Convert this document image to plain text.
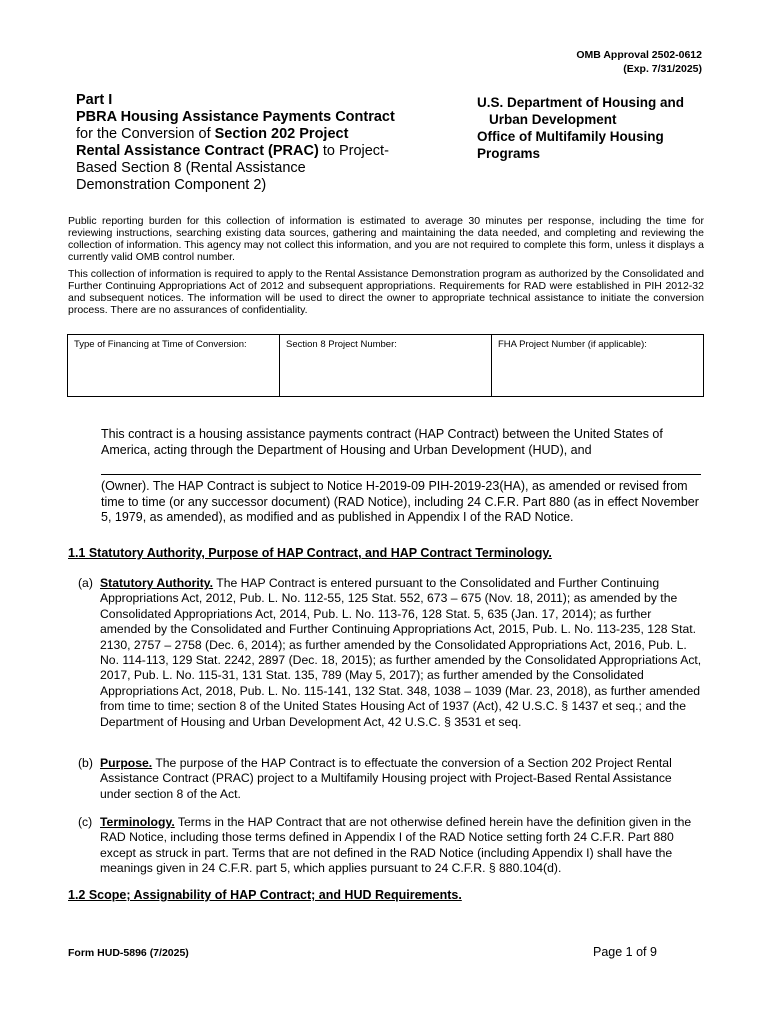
OMB Approval 2502-0612
(Exp. 7/31/2025)
Part I
PBRA Housing Assistance Payments Contract
for the Conversion of Section 202 Project
Rental Assistance Contract (PRAC) to Project-
Based Section 8 (Rental Assistance
Demonstration Component 2)
U.S. Department of Housing and
Urban Development
Office of Multifamily Housing
Programs

Public reporting burden for this collection of information is estimated to average 30 minutes per response, including the time for reviewing instructions, searching existing data sources, gathering and maintaining the data needed, and completing and reviewing the collection of information. This agency may not collect this information, and you are not required to complete this form, unless it displays a currently valid OMB control number.

This collection of information is required to apply to the Rental Assistance Demonstration program as authorized by the Consolidated and Further Continuing Appropriations Act of 2012 and subsequent appropriations. Requirements for RAD were established in PIH 2012-32 and subsequent notices. The information will be used to direct the owner to appropriate technical assistance to initiate the conversion process. There are no assurances of confidentiality.

Type of Financing at Time of Conversion:	Section 8 Project Number:	FHA Project Number (if applicable):
This contract is a housing assistance payments contract (HAP Contract) between the United States of America, acting through the Department of Housing and Urban Development (HUD), and
(Owner). The HAP Contract is subject to Notice H-2019-09 PIH-2019-23(HA), as amended or revised from time to time (or any successor document) (RAD Notice), including 24 C.F.R. Part 880 (as in effect November 5, 1979, as amended), as modified and as published in Appendix I of the RAD Notice.
1.1 Statutory Authority, Purpose of HAP Contract, and HAP Contract Terminology.
(a) Statutory Authority. The HAP Contract is entered pursuant to the Consolidated and Further Continuing Appropriations Act, 2012, Pub. L. No. 112-55, 125 Stat. 552, 673 – 675 (Nov. 18, 2011); as amended by the Consolidated Appropriations Act, 2014, Pub. L. No. 113-76, 128 Stat. 5, 635 (Jan. 17, 2014); as further amended by the Consolidated and Further Continuing Appropriations Act, 2015, Pub. L. No. 113-235, 128 Stat. 2130, 2757 – 2758 (Dec. 6, 2014); as further amended by the Consolidated Appropriations Act, 2016, Pub. L. No. 114-113, 129 Stat. 2242, 2897 (Dec. 18, 2015); as further amended by the Consolidated Appropriations Act, 2017, Pub. L. No. 115-31, 131 Stat. 135, 789 (May 5, 2017); as further amended by the Consolidated Appropriations Act, 2018, Pub. L. No. 115-141, 132 Stat. 348, 1038 – 1039 (Mar. 23, 2018), as further amended from time to time; section 8 of the United States Housing Act of 1937 (Act), 42 U.S.C. § 1437 et seq.; and the Department of Housing and Urban Development Act, 42 U.S.C. § 3531 et seq.
(b) Purpose. The purpose of the HAP Contract is to effectuate the conversion of a Section 202 Project Rental Assistance Contract (PRAC) project to a Multifamily Housing project with Project-Based Rental Assistance under section 8 of the Act.
(c) Terminology. Terms in the HAP Contract that are not otherwise defined herein have the definition given in the RAD Notice, including those terms defined in Appendix I of the RAD Notice setting forth 24 C.F.R. Part 880 except as struck in part. Terms that are not defined in the RAD Notice (including Appendix I) shall have the meanings given in 24 C.F.R. part 5, which applies pursuant to 24 C.F.R. § 880.104(d).
1.2 Scope; Assignability of HAP Contract; and HUD Requirements.
Form HUD-5896 (7/2025)	Page 1 of 9
